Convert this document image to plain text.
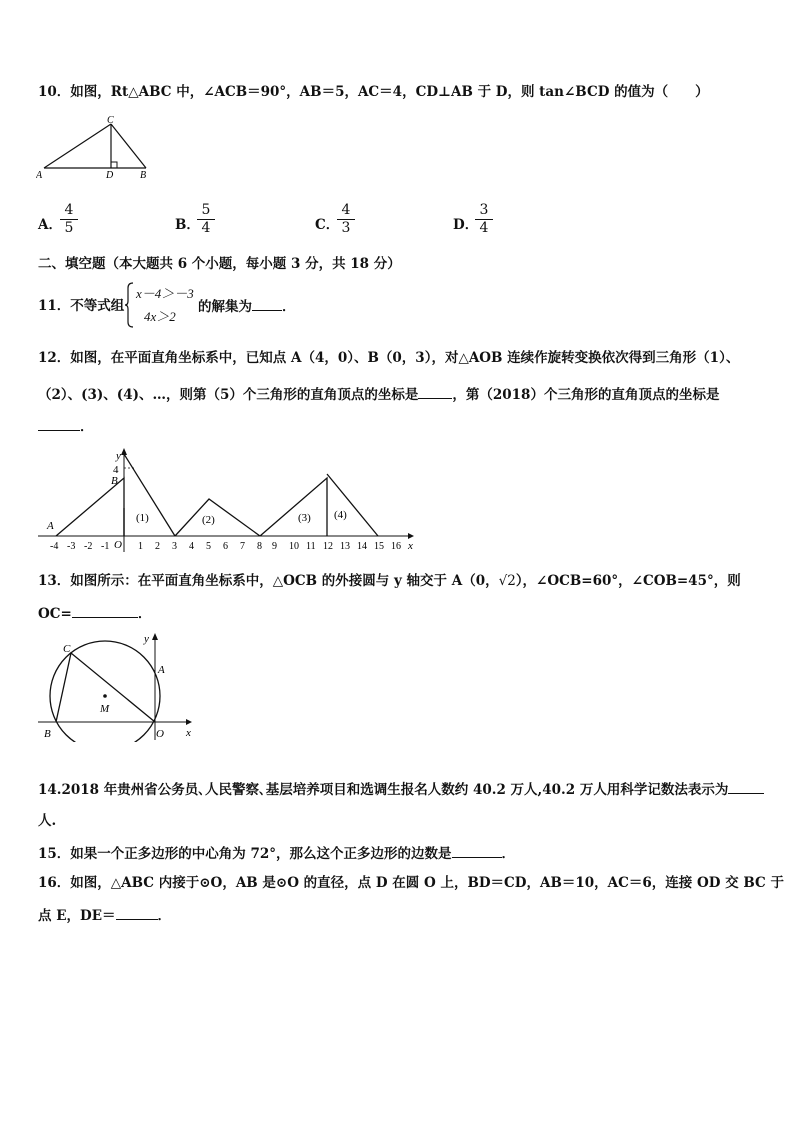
10．如图，Rt△ABC 中，∠ACB＝90°，AB＝5，AC＝4，CD⊥AB 于 D，则 tan∠BCD 的值为（　　）
C
A	D	B
A．
$\frac{4}{5}$	B．
$\frac{5}{4}$	C．
$\frac{4}{3}$	D．
$\frac{3}{4}$
二、填空题（本大题共 6 个小题，每小题 3 分，共 18 分）
11．不等式组
x－4＞－3
4x＞2
的解集为 ．
12．如图，在平面直角坐标系中，已知点 A（4，0）、B（0，3），对△AOB 连续作旋转变换依次得到三角形（1）、
（2）、(3)、(4)、…，则第（5）个三角形的直角顶点的坐标是	，第（2018）个三角形的直角顶点的坐标是
．
y
x
4
B
A
O
(1)	(2)	(3) (4)
-4 -3 -2 -1	1 2 3 4 5 6 7 8 9 10 11 12 13 14 15 16
13．如图所示：在平面直角坐标系中，△OCB 的外接圆与 y 轴交于 A（0，√2），∠OCB=60°，∠COB=45°，则
OC=	．
C
A
M
B	O x
y
14.2018 年贵州省公务员､人民警察､基层培养项目和选调生报名人数约 40.2 万人,40.2 万人用科学记数法表示为
人.
15．如果一个正多边形的中心角为 72°，那么这个正多边形的边数是	．
16．如图，△ABC 内接于⊙O，AB 是⊙O 的直径，点 D 在圆 O 上，BD＝CD，AB＝10，AC＝6，连接 OD 交 BC 于
点 E，DE＝	．
